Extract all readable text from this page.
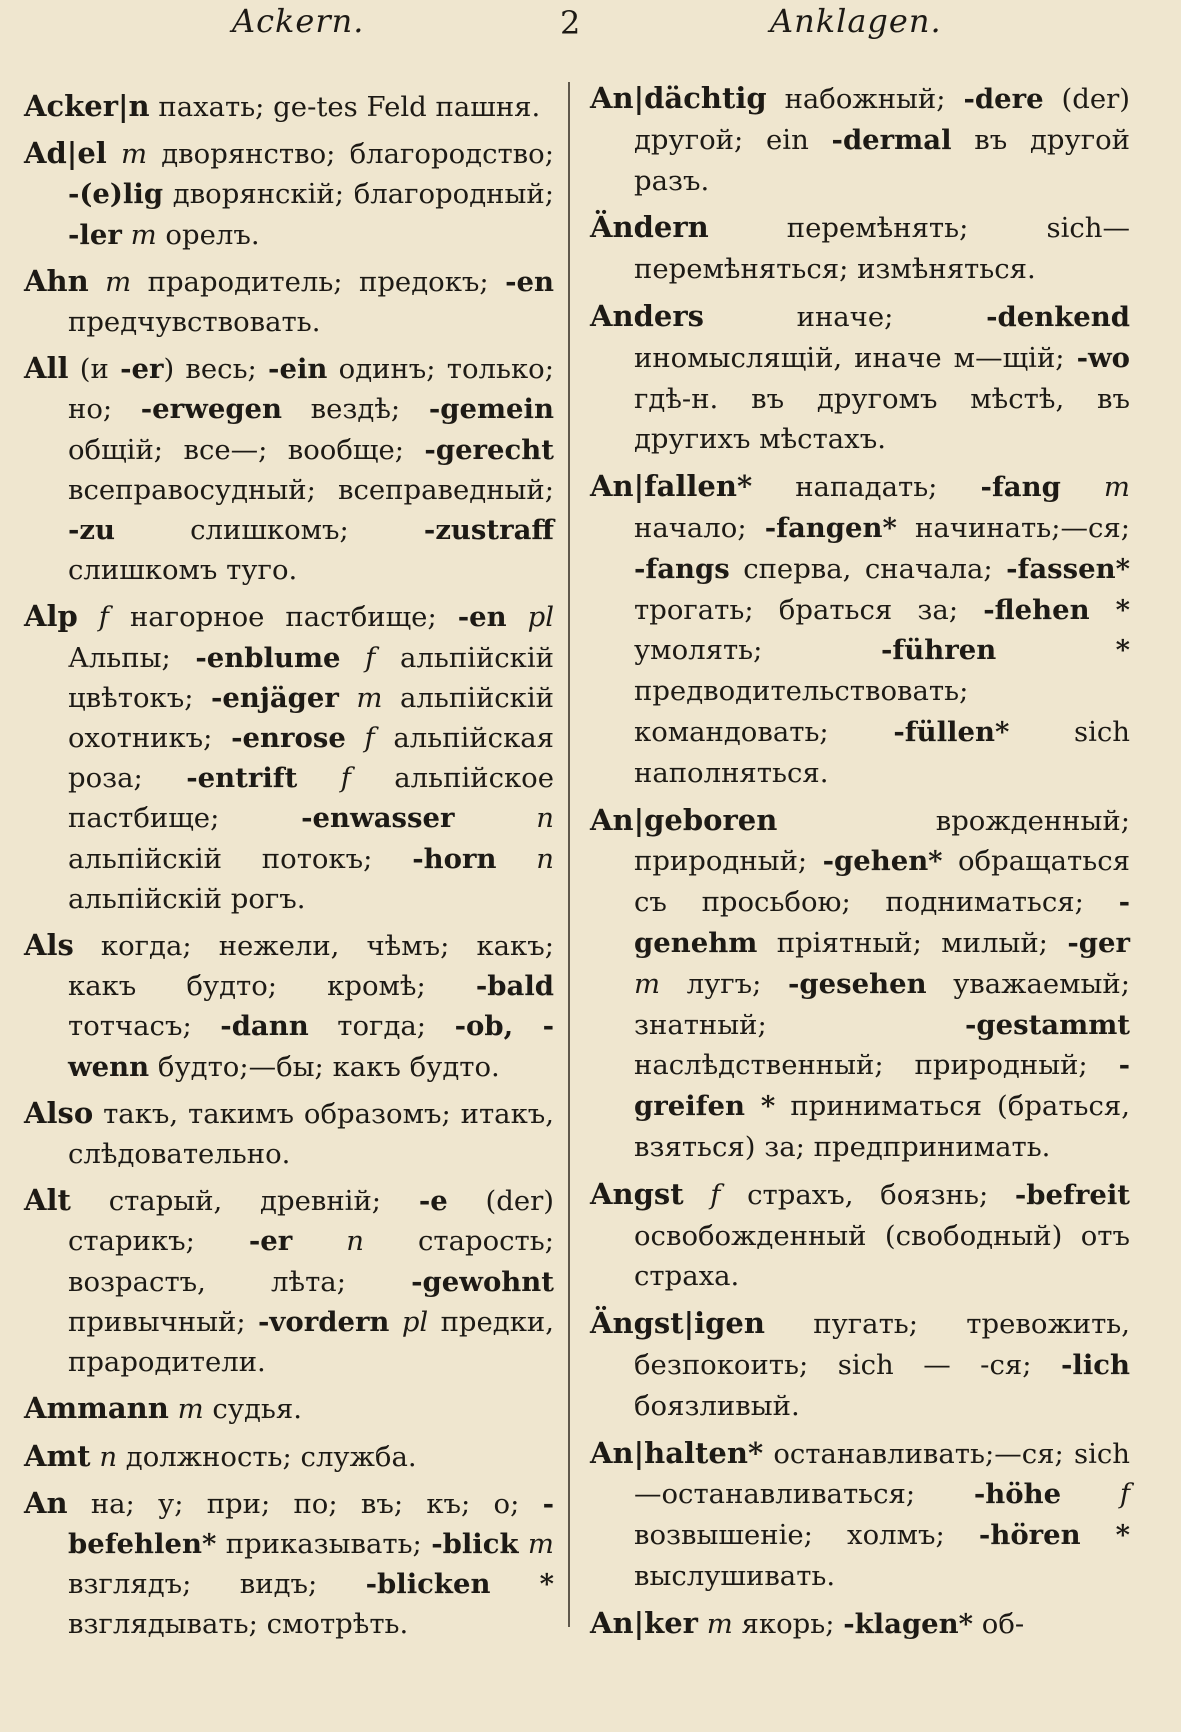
Ackern.	2	Anklagen.

Acker|n пахать; ge-tes Feld пашня.

Ad|el m дворянство; благородство; -(e)lig дворянскій; благородный; -ler m орелъ.

Ahn m прародитель; предокъ; -en предчувствовать.

All (и -er) весь; -ein одинъ; только; но; -erwegen вездѣ; -gemein общій; все—; вообще; -gerecht всеправосудный; всеправедный; -zu слишкомъ; -zustraff слишкомъ туго.

Alp f нагорное пастбище; -en pl Альпы; -enblume f альпійскій цвѣтокъ; -enjäger m альпійскій охотникъ; -enrose f альпійская роза; -entrift f альпійское пастбище; -enwasser	n альпійскій потокъ; -horn n альпійскій рогъ.

Als когда; нежели, чѣмъ; какъ; какъ будто; кромѣ; -bald тотчасъ; -dann тогда; -ob, -wenn будто;—бы; какъ будто.

Also такъ, такимъ образомъ; итакъ, слѣдовательно.

Alt старый, древній; -e (der) старикъ; -er n старость; возрастъ, лѣта; -gewohnt привычный; -vordern pl предки, прародители.

Ammann m судья.

Amt n должность; служба.

An на; у; при; по; въ; къ; о; -befehlen* приказывать; -blick m взглядъ; видъ; -blicken * взглядывать; смотрѣть.

An|dächtig набожный; -dere (der) другой; ein -dermal въ другой разъ.

Ändern перемѣнять; sich—перемѣняться; измѣняться.

Anders иначе; -denkend иномыслящій, иначе м—щій; -wo гдѣ-н. въ другомъ мѣстѣ, въ другихъ мѣстахъ.

An|fallen* нападать; -fang m начало; -fangen* начинать;—ся; -fangs сперва, сначала; -fassen* трогать; браться за; -flehen * умолять; -führen * предводительствовать; командовать; -füllen* sich наполняться.

An|geboren врожденный; природный; -gehen* обращаться съ просьбою; подниматься; -genehm пріятный; милый; -ger m лугъ; -gesehen уважаемый; знатный; -gestammt наслѣдственный; природный; -greifen * приниматься (браться, взяться) за; предпринимать.

Angst f страхъ, боязнь; -befreit освобожденный (свободный) отъ страха.

Ängst|igen пугать; тревожить, безпокоить; sich — -ся; -lich боязливый.

An|halten* останавливать;—ся; sich—останавливаться; -höhe f возвышеніе; холмъ; -hören * выслушивать.

An|ker m якорь; -klagen* об-
